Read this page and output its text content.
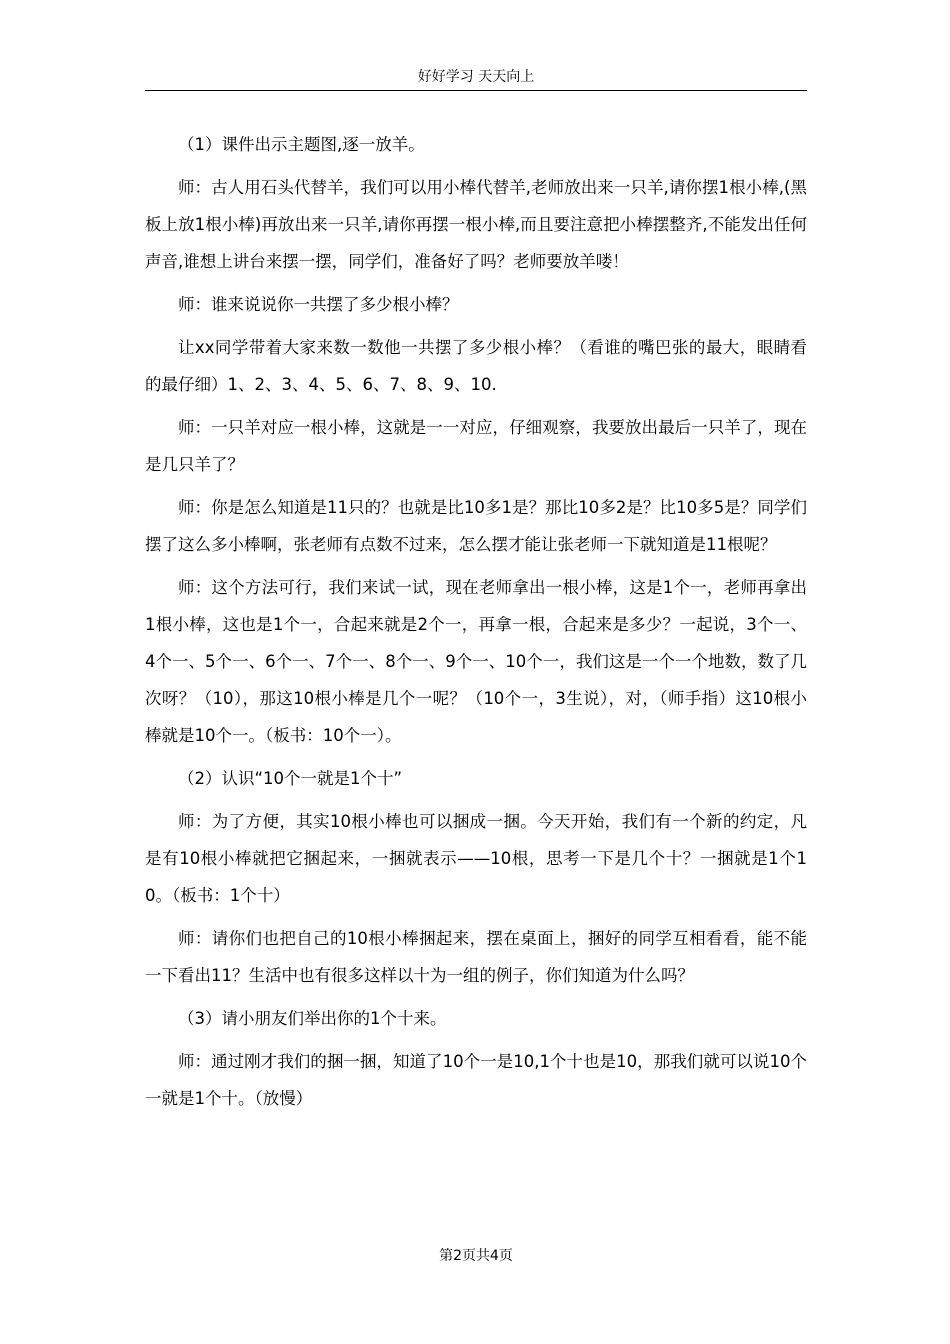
好好学习 天天向上

（1）课件出示主题图,逐一放羊。

师：古人用石头代替羊，我们可以用小棒代替羊,老师放出来一只羊,请你摆1根小棒,(黑板上放1根小棒)再放出来一只羊,请你再摆一根小棒,而且要注意把小棒摆整齐,不能发出任何声音,谁想上讲台来摆一摆，同学们，准备好了吗？老师要放羊喽！

师：谁来说说你一共摆了多少根小棒？

让xx同学带着大家来数一数他一共摆了多少根小棒？（看谁的嘴巴张的最大，眼睛看的最仔细）1、2、3、4、5、6、7、8、9、10.

师：一只羊对应一根小棒，这就是一一对应，仔细观察，我要放出最后一只羊了，现在是几只羊了？

师：你是怎么知道是11只的？也就是比10多1是？那比10多2是？比10多5是？同学们摆了这么多小棒啊，张老师有点数不过来，怎么摆才能让张老师一下就知道是11根呢？

师：这个方法可行，我们来试一试，现在老师拿出一根小棒，这是1个一，老师再拿出1根小棒，这也是1个一，合起来就是2个一，再拿一根，合起来是多少？一起说，3个一、4个一、5个一、6个一、7个一、8个一、9个一、10个一，我们这是一个一个地数，数了几次呀？（10），那这10根小棒是几个一呢？（10个一，3生说），对，（师手指）这10根小棒就是10个一。（板书：10个一）。

（2）认识“10个一就是1个十”

师：为了方便，其实10根小棒也可以捆成一捆。今天开始，我们有一个新的约定，凡是有10根小棒就把它捆起来，一捆就表示——10根，思考一下是几个十？一捆就是1个10。（板书：1个十）

师：请你们也把自己的10根小棒捆起来，摆在桌面上，捆好的同学互相看看，能不能一下看出11？生活中也有很多这样以十为一组的例子，你们知道为什么吗？

（3）请小朋友们举出你的1个十来。

师：通过刚才我们的捆一捆，知道了10个一是10,1个十也是10，那我们就可以说10个一就是1个十。（放慢）

第2页共4页
